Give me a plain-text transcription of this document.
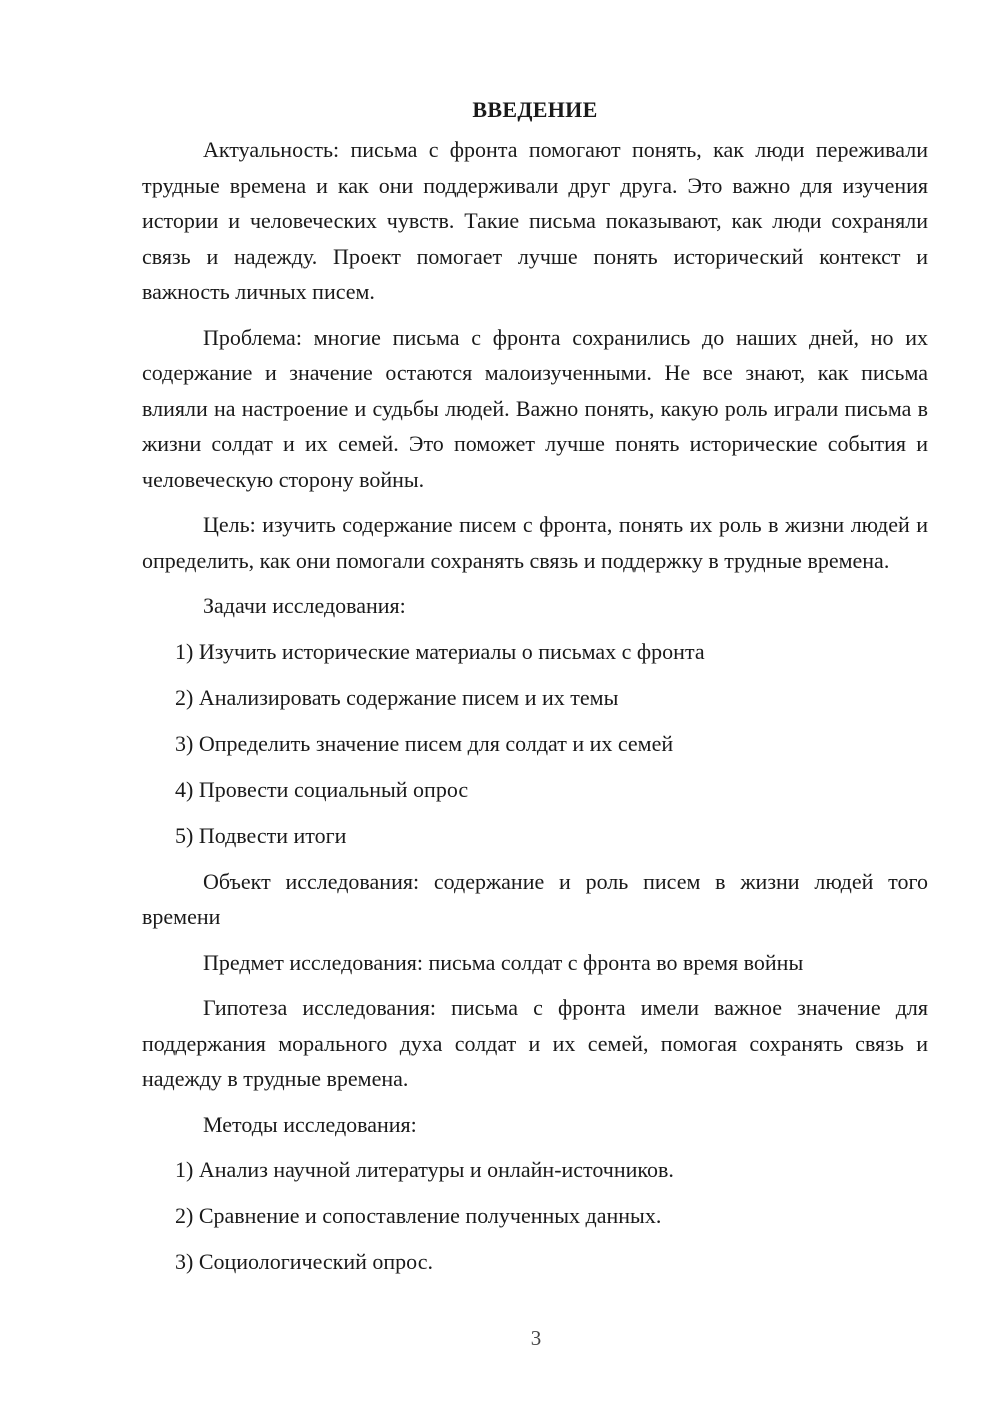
ВВЕДЕНИЕ

Актуальность: письма с фронта помогают понять, как люди переживали трудные времена и как они поддерживали друг друга. Это важно для изучения истории и человеческих чувств. Такие письма показывают, как люди сохраняли связь и надежду. Проект помогает лучше понять исторический контекст и важность личных писем.

Проблема: многие письма с фронта сохранились до наших дней, но их содержание и значение остаются малоизученными. Не все знают, как письма влияли на настроение и судьбы людей. Важно понять, какую роль играли письма в жизни солдат и их семей. Это поможет лучше понять исторические события и человеческую сторону войны.

Цель: изучить содержание писем с фронта, понять их роль в жизни людей и определить, как они помогали сохранять связь и поддержку в трудные времена.

Задачи исследования:

1) Изучить исторические материалы о письмах с фронта
2) Анализировать содержание писем и их темы
3) Определить значение писем для солдат и их семей
4) Провести социальный опрос
5) Подвести итоги

Объект исследования: содержание и роль писем в жизни людей того времени

Предмет исследования: письма солдат с фронта во время войны

Гипотеза исследования: письма с фронта имели важное значение для поддержания морального духа солдат и их семей, помогая сохранять связь и надежду в трудные времена.

Методы исследования:

1) Анализ научной литературы и онлайн-источников.
2) Сравнение и сопоставление полученных данных.
3) Социологический опрос.
3
